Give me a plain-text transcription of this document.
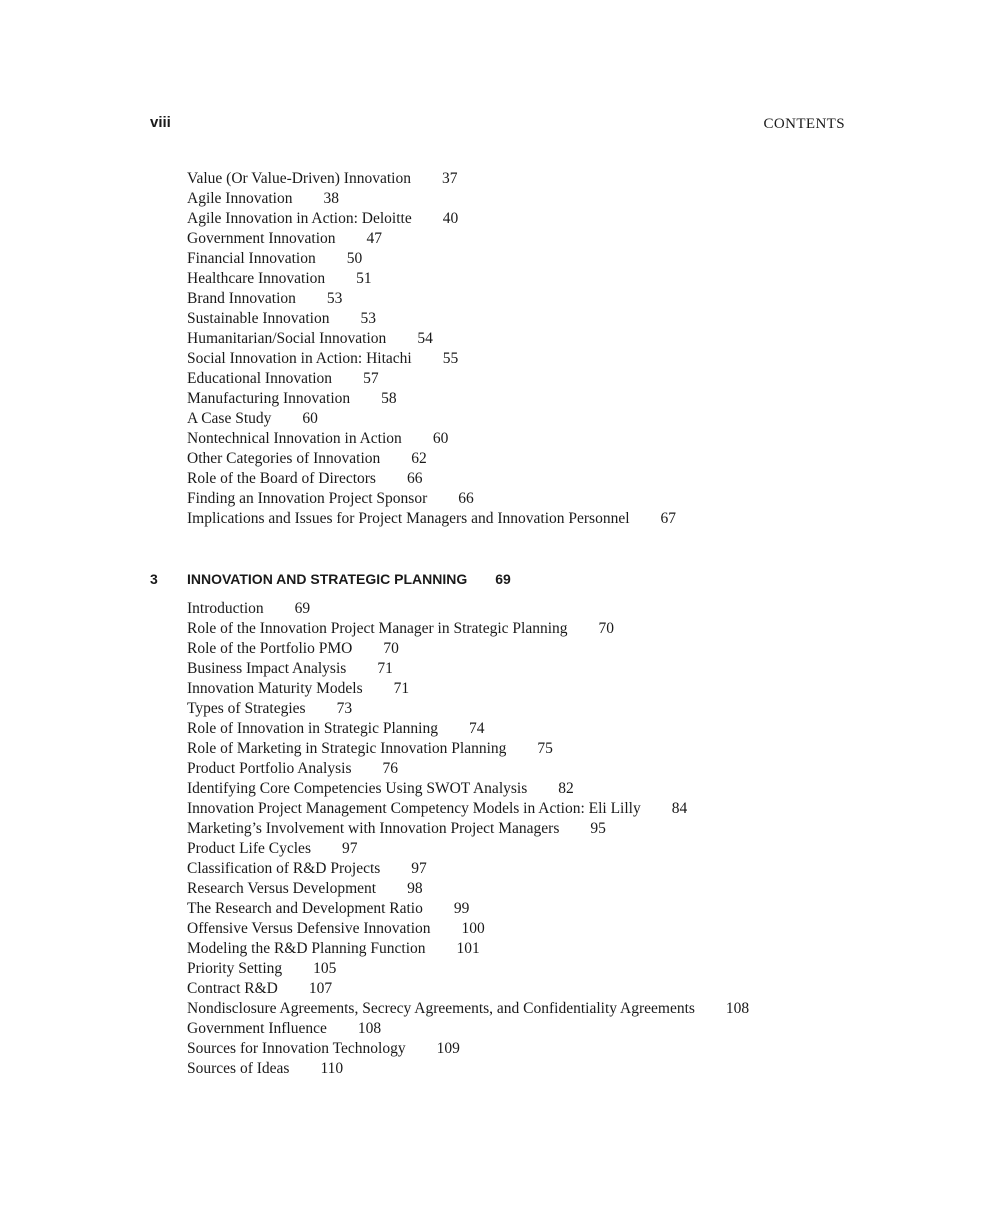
viii	CONTENTS
Value (Or Value-Driven) Innovation 37
Agile Innovation 38
Agile Innovation in Action: Deloitte 40
Government Innovation 47
Financial Innovation 50
Healthcare Innovation 51
Brand Innovation 53
Sustainable Innovation 53
Humanitarian/Social Innovation 54
Social Innovation in Action: Hitachi 55
Educational Innovation 57
Manufacturing Innovation 58
A Case Study 60
Nontechnical Innovation in Action 60
Other Categories of Innovation 62
Role of the Board of Directors 66
Finding an Innovation Project Sponsor 66
Implications and Issues for Project Managers and Innovation Personnel 67
3 INNOVATION AND STRATEGIC PLANNING 69
Introduction 69
Role of the Innovation Project Manager in Strategic Planning 70
Role of the Portfolio PMO 70
Business Impact Analysis 71
Innovation Maturity Models 71
Types of Strategies 73
Role of Innovation in Strategic Planning 74
Role of Marketing in Strategic Innovation Planning 75
Product Portfolio Analysis 76
Identifying Core Competencies Using SWOT Analysis 82
Innovation Project Management Competency Models in Action: Eli Lilly 84
Marketing’s Involvement with Innovation Project Managers 95
Product Life Cycles 97
Classification of R&D Projects 97
Research Versus Development 98
The Research and Development Ratio 99
Offensive Versus Defensive Innovation 100
Modeling the R&D Planning Function 101
Priority Setting 105
Contract R&D 107
Nondisclosure Agreements, Secrecy Agreements, and Confidentiality Agreements 108
Government Influence 108
Sources for Innovation Technology 109
Sources of Ideas 110
